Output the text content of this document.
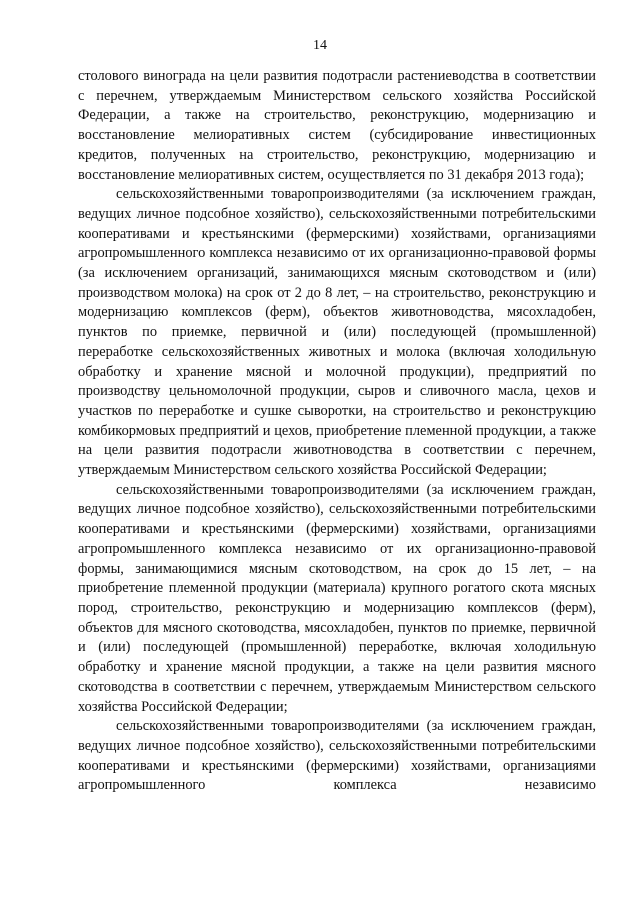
14

столового винограда на цели развития подотрасли растениеводства в соответствии с перечнем, утверждаемым Министерством сельского хозяйства Российской Федерации, а также на строительство, реконструкцию, модернизацию и восстановление мелиоративных систем (субсидирование инвестиционных кредитов, полученных на строительство, реконструкцию, модернизацию и восстановление мелиоративных систем, осуществляется по 31 декабря 2013 года);

сельскохозяйственными товаропроизводителями (за исключением граждан, ведущих личное подсобное хозяйство), сельскохозяйственными потребительскими кооперативами и крестьянскими (фермерскими) хозяйствами, организациями агропромышленного комплекса независимо от их организационно-правовой формы (за исключением организаций, занимающихся мясным скотоводством и (или) производством молока) на срок от 2 до 8 лет, – на строительство, реконструкцию и модернизацию комплексов (ферм), объектов животноводства, мясохладобен, пунктов по приемке, первичной и (или) последующей (промышленной) переработке сельскохозяйственных животных и молока (включая холодильную обработку и хранение мясной и молочной продукции), предприятий по производству цельномолочной продукции, сыров и сливочного масла, цехов и участков по переработке и сушке сыворотки, на строительство и реконструкцию комбикормовых предприятий и цехов, приобретение племенной продукции, а также на цели развития подотрасли животноводства в соответствии с перечнем, утверждаемым Министерством сельского хозяйства Российской Федерации;

сельскохозяйственными товаропроизводителями (за исключением граждан, ведущих личное подсобное хозяйство), сельскохозяйственными потребительскими кооперативами и крестьянскими (фермерскими) хозяйствами, организациями агропромышленного комплекса независимо от их организационно-правовой формы, занимающимися мясным скотоводством, на срок до 15 лет, – на приобретение племенной продукции (материала) крупного рогатого скота мясных пород, строительство, реконструкцию и модернизацию комплексов (ферм), объектов для мясного скотоводства, мясохладобен, пунктов по приемке, первичной и (или) последующей (промышленной) переработке, включая холодильную обработку и хранение мясной продукции, а также на цели развития мясного скотоводства в соответствии с перечнем, утверждаемым Министерством сельского хозяйства Российской Федерации;

сельскохозяйственными товаропроизводителями (за исключением граждан, ведущих личное подсобное хозяйство), сельскохозяйственными потребительскими кооперативами и крестьянскими (фермерскими) хозяйствами, организациями агропромышленного комплекса независимо
